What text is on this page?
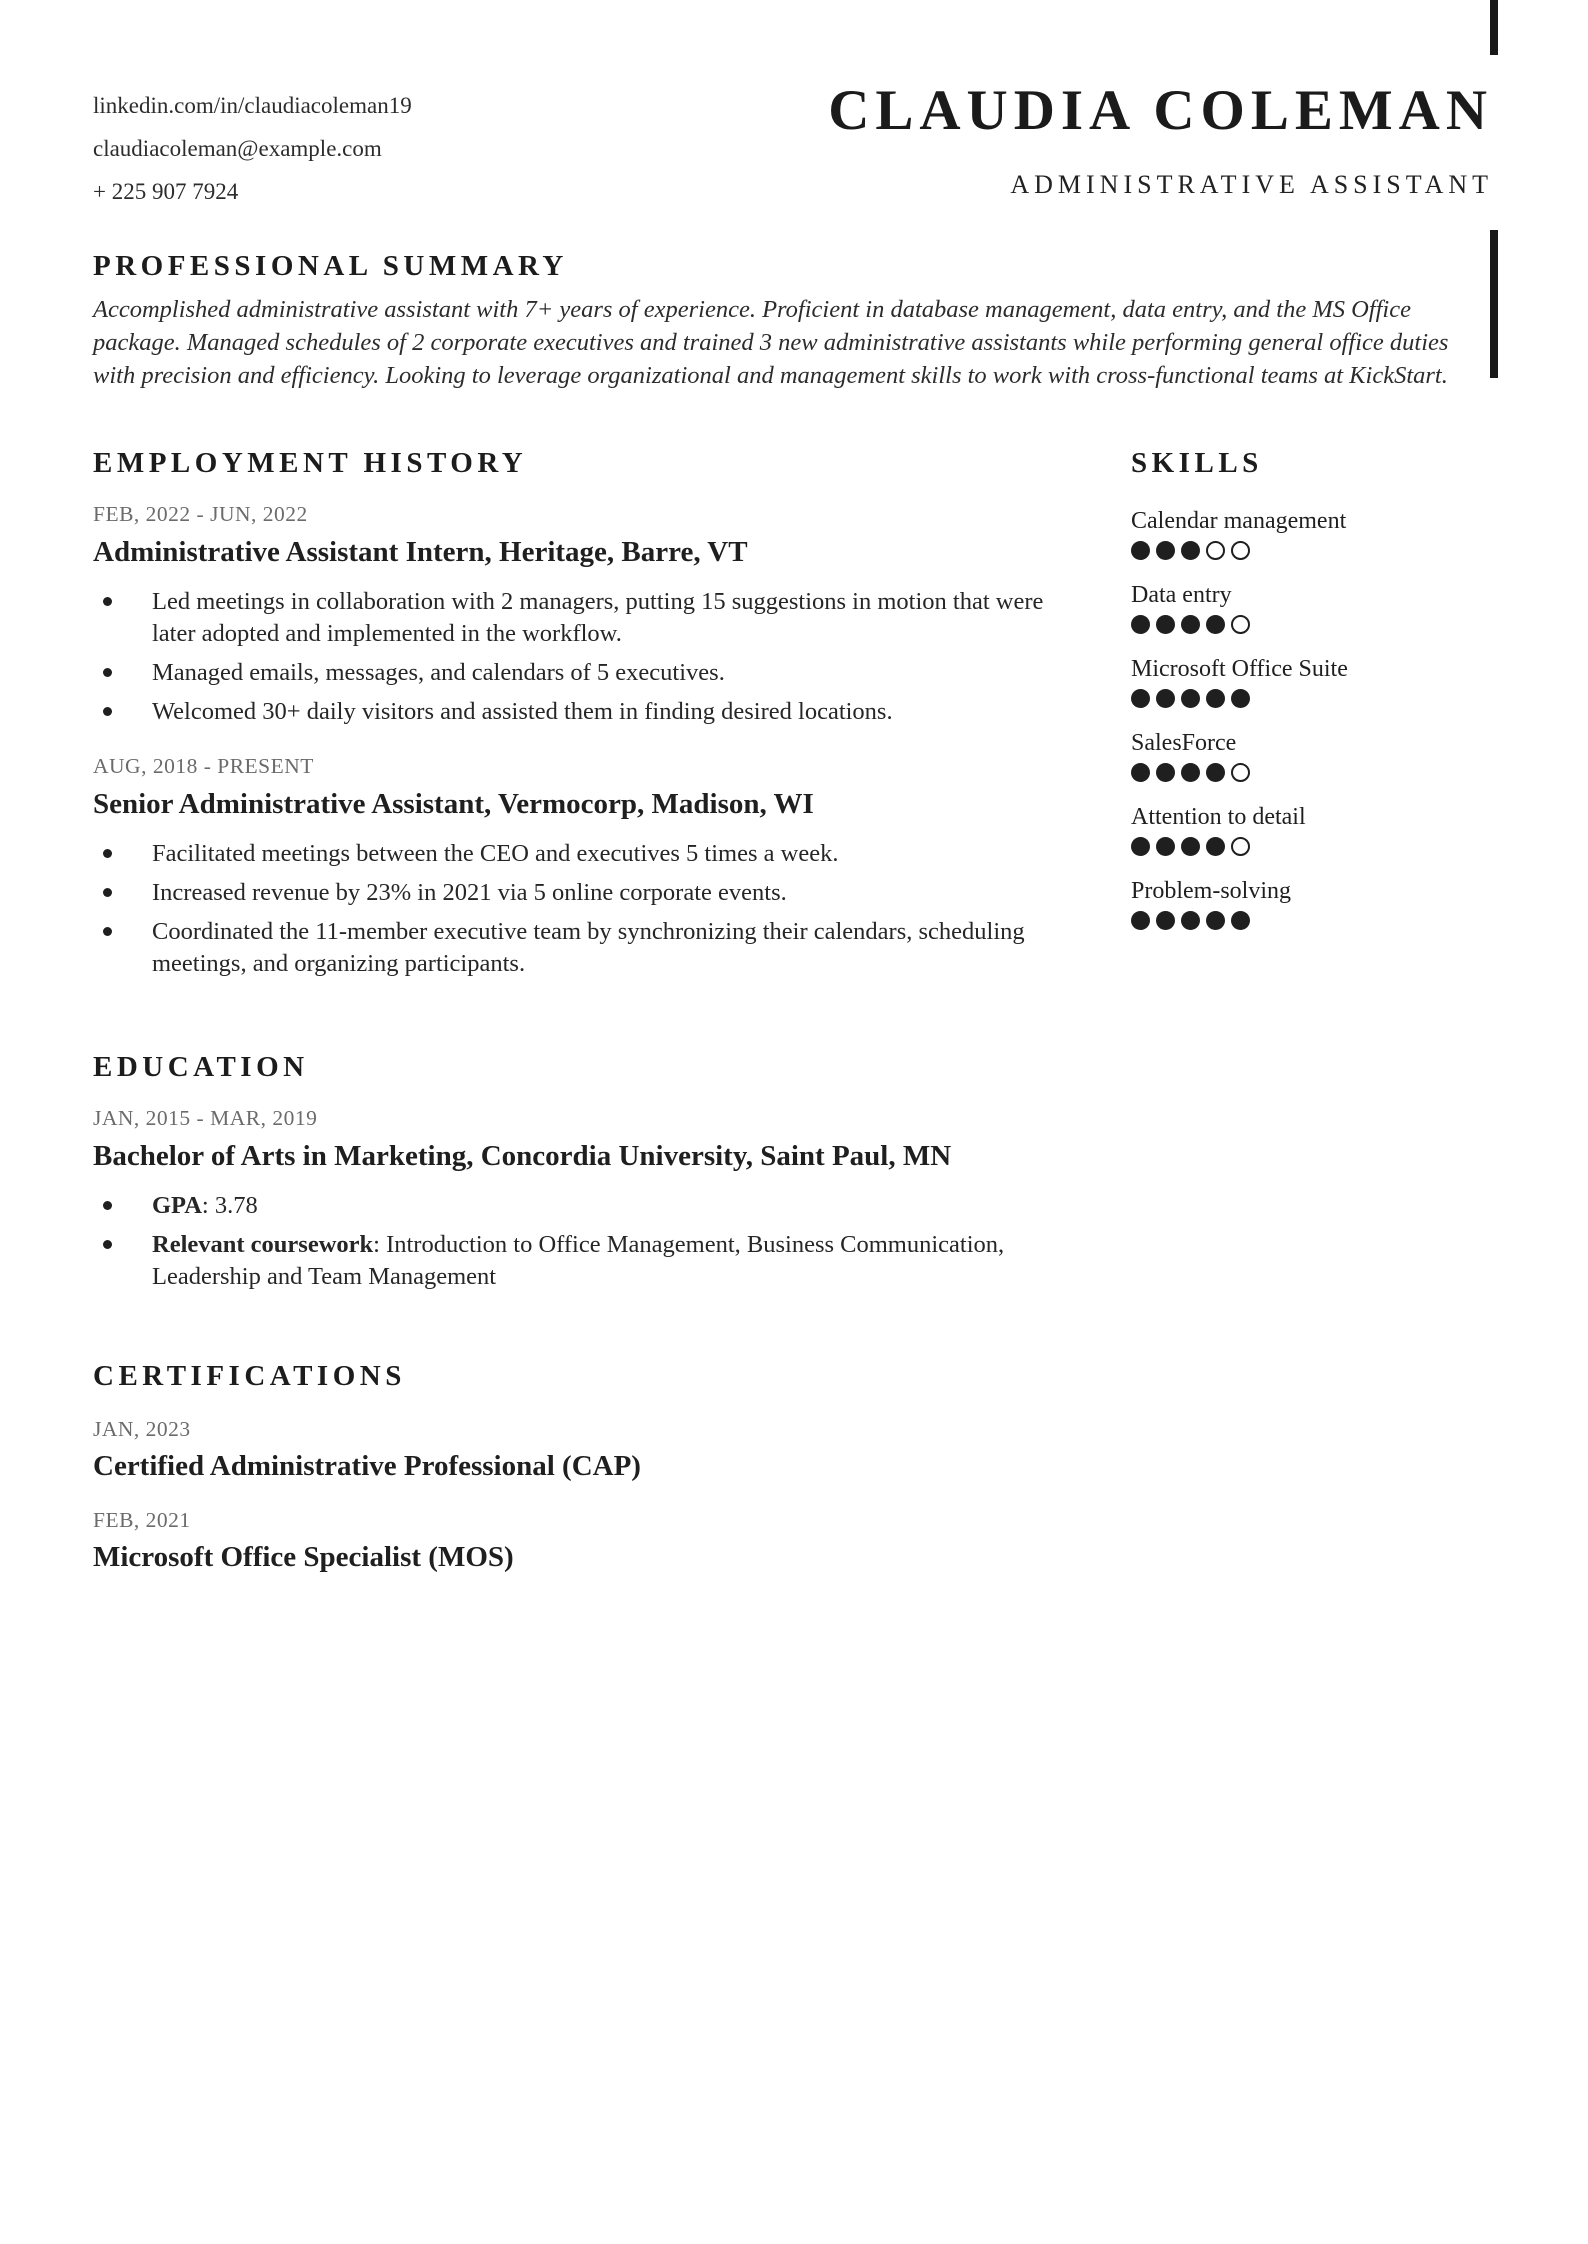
linkedin.com/in/claudiacoleman19
claudiacoleman@example.com
+ 225 907 7924
CLAUDIA COLEMAN
ADMINISTRATIVE ASSISTANT
PROFESSIONAL SUMMARY
Accomplished administrative assistant with 7+ years of experience. Proficient in database management, data entry, and the MS Office package. Managed schedules of 2 corporate executives and trained 3 new administrative assistants while performing general office duties with precision and efficiency. Looking to leverage organizational and management skills to work with cross-functional teams at KickStart.
EMPLOYMENT HISTORY
FEB, 2022 - JUN, 2022
Administrative Assistant Intern, Heritage, Barre, VT
Led meetings in collaboration with 2 managers, putting 15 suggestions in motion that were later adopted and implemented in the workflow.
Managed emails, messages, and calendars of 5 executives.
Welcomed 30+ daily visitors and assisted them in finding desired locations.
AUG, 2018 - PRESENT
Senior Administrative Assistant, Vermocorp, Madison, WI
Facilitated meetings between the CEO and executives 5 times a week.
Increased revenue by 23% in 2021 via 5 online corporate events.
Coordinated the 11-member executive team by synchronizing their calendars, scheduling meetings, and organizing participants.
SKILLS
Calendar management
Data entry
Microsoft Office Suite
SalesForce
Attention to detail
Problem-solving
EDUCATION
JAN, 2015 - MAR, 2019
Bachelor of Arts in Marketing, Concordia University, Saint Paul, MN
GPA: 3.78
Relevant coursework: Introduction to Office Management, Business Communication, Leadership and Team Management
CERTIFICATIONS
JAN, 2023
Certified Administrative Professional (CAP)
FEB, 2021
Microsoft Office Specialist (MOS)
